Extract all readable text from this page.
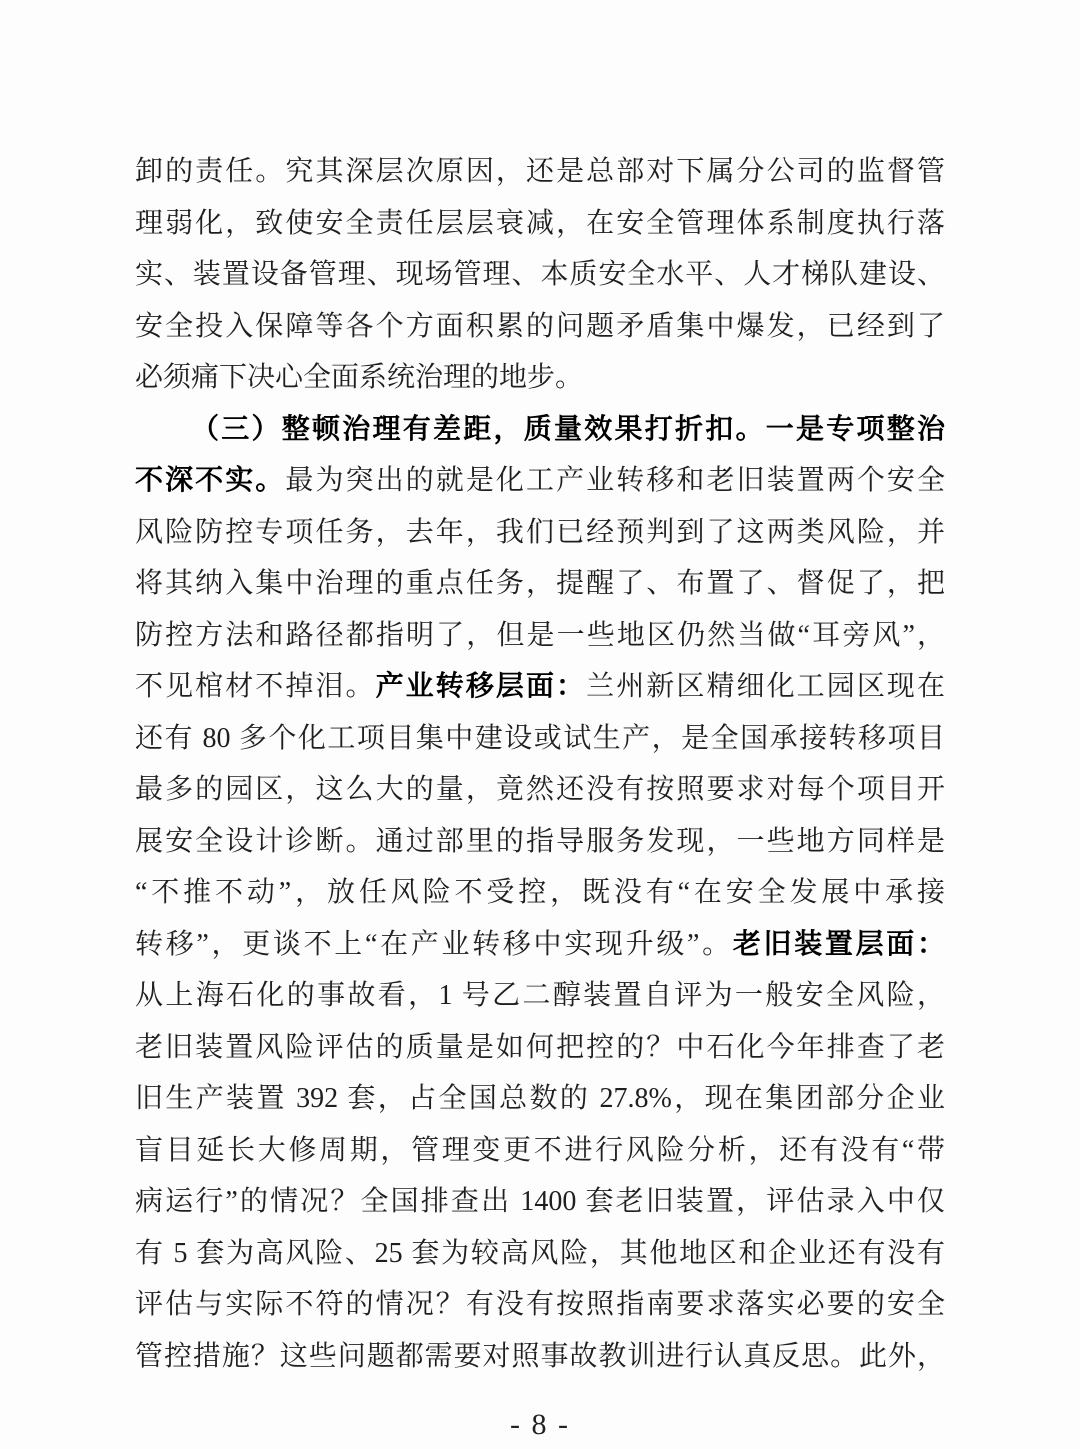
卸的责任。究其深层次原因，还是总部对下属分公司的监督管
理弱化，致使安全责任层层衰减，在安全管理体系制度执行落
实、装置设备管理、现场管理、本质安全水平、人才梯队建设、
安全投入保障等各个方面积累的问题矛盾集中爆发，已经到了
必须痛下决心全面系统治理的地步。
（三）整顿治理有差距，质量效果打折扣。一是专项整治
不深不实。最为突出的就是化工产业转移和老旧装置两个安全
风险防控专项任务，去年，我们已经预判到了这两类风险，并
将其纳入集中治理的重点任务，提醒了、布置了、督促了，把
防控方法和路径都指明了，但是一些地区仍然当做“耳旁风”，
不见棺材不掉泪。产业转移层面：兰州新区精细化工园区现在
还有 80 多个化工项目集中建设或试生产，是全国承接转移项目
最多的园区，这么大的量，竟然还没有按照要求对每个项目开
展安全设计诊断。通过部里的指导服务发现，一些地方同样是
“不推不动”，放任风险不受控，既没有“在安全发展中承接
转移”，更谈不上“在产业转移中实现升级”。老旧装置层面：
从上海石化的事故看，1 号乙二醇装置自评为一般安全风险，
老旧装置风险评估的质量是如何把控的？中石化今年排查了老
旧生产装置 392 套，占全国总数的 27.8%，现在集团部分企业
盲目延长大修周期，管理变更不进行风险分析，还有没有“带
病运行”的情况？全国排查出 1400 套老旧装置，评估录入中仅
有 5 套为高风险、25 套为较高风险，其他地区和企业还有没有
评估与实际不符的情况？有没有按照指南要求落实必要的安全
管控措施？这些问题都需要对照事故教训进行认真反思。此外，
- 8 -
